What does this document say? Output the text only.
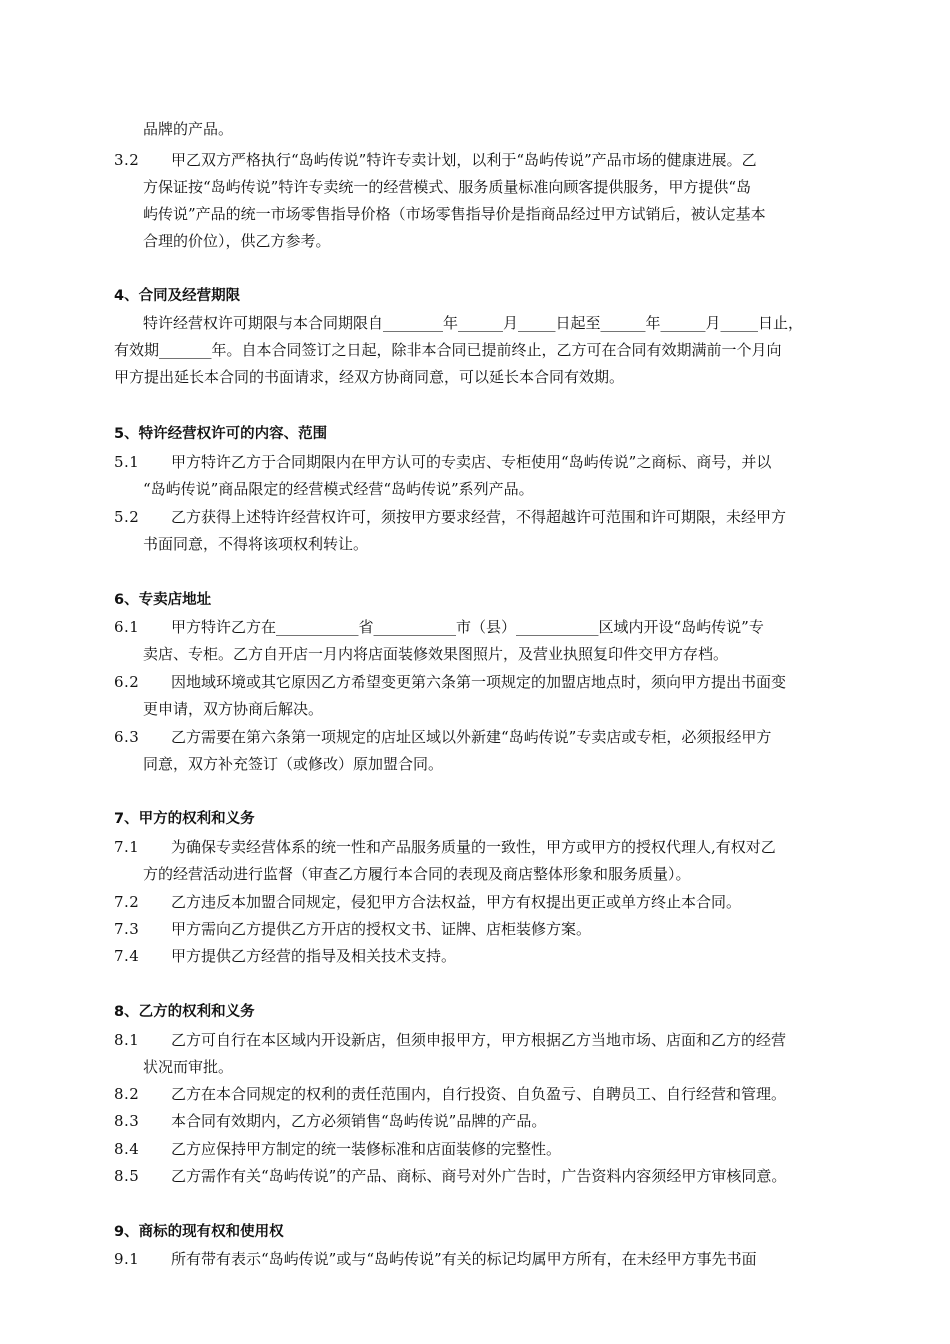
品牌的产品。
3.2 甲乙双方严格执行“岛屿传说”特许专卖计划，以利于“岛屿传说”产品市场的健康进展。乙
方保证按“岛屿传说”特许专卖统一的经营模式、服务质量标准向顾客提供服务，甲方提供“岛
屿传说”产品的统一市场零售指导价格（市场零售指导价是指商品经过甲方试销后，被认定基本
合理的价位），供乙方参考。
4、合同及经营期限
特许经营权许可期限与本合同期限自________年______月_____日起至______年______月_____日止，
有效期_______年。自本合同签订之日起，除非本合同已提前终止，乙方可在合同有效期满前一个月向
甲方提出延长本合同的书面请求，经双方协商同意，可以延长本合同有效期。
5、特许经营权许可的内容、范围
5.1 甲方特许乙方于合同期限内在甲方认可的专卖店、专柜使用“岛屿传说”之商标、商号，并以
“岛屿传说”商品限定的经营模式经营“岛屿传说”系列产品。
5.2 乙方获得上述特许经营权许可，须按甲方要求经营，不得超越许可范围和许可期限，未经甲方
书面同意，不得将该项权利转让。
6、专卖店地址
6.1 甲方特许乙方在___________省___________市（县）___________区域内开设“岛屿传说”专
卖店、专柜。乙方自开店一月内将店面装修效果图照片，及营业执照复印件交甲方存档。
6.2 因地域环境或其它原因乙方希望变更第六条第一项规定的加盟店地点时，须向甲方提出书面变
更申请，双方协商后解决。
6.3 乙方需要在第六条第一项规定的店址区域以外新建“岛屿传说”专卖店或专柜，必须报经甲方
同意，双方补充签订（或修改）原加盟合同。
7、甲方的权利和义务
7.1 为确保专卖经营体系的统一性和产品服务质量的一致性，甲方或甲方的授权代理人,有权对乙
方的经营活动进行监督（审查乙方履行本合同的表现及商店整体形象和服务质量）。
7.2 乙方违反本加盟合同规定，侵犯甲方合法权益，甲方有权提出更正或单方终止本合同。
7.3 甲方需向乙方提供乙方开店的授权文书、证牌、店柜装修方案。
7.4 甲方提供乙方经营的指导及相关技术支持。
8、乙方的权利和义务
8.1 乙方可自行在本区域内开设新店，但须申报甲方，甲方根据乙方当地市场、店面和乙方的经营
状况而审批。
8.2 乙方在本合同规定的权利的责任范围内，自行投资、自负盈亏、自聘员工、自行经营和管理。
8.3 本合同有效期内，乙方必须销售“岛屿传说”品牌的产品。
8.4 乙方应保持甲方制定的统一装修标准和店面装修的完整性。
8.5 乙方需作有关“岛屿传说”的产品、商标、商号对外广告时，广告资料内容须经甲方审核同意。
9、商标的现有权和使用权
9.1 所有带有表示“岛屿传说”或与“岛屿传说”有关的标记均属甲方所有，在未经甲方事先书面
